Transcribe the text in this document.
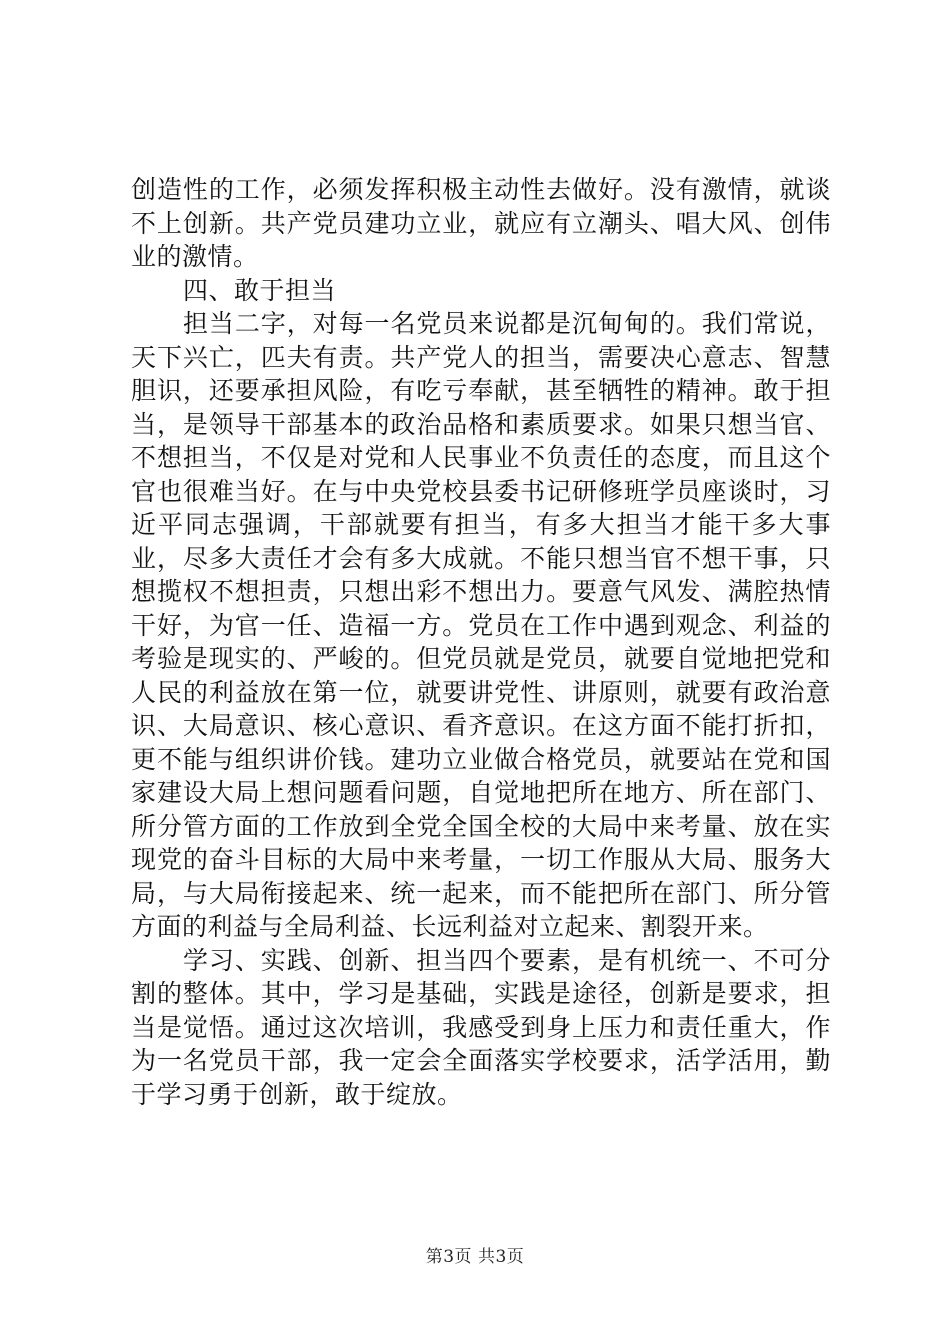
创造性的工作，必须发挥积极主动性去做好。没有激情，就谈不上创新。共产党员建功立业，就应有立潮头、唱大风、创伟业的激情。

四、敢于担当

担当二字，对每一名党员来说都是沉甸甸的。我们常说，天下兴亡，匹夫有责。共产党人的担当，需要决心意志、智慧胆识，还要承担风险，有吃亏奉献，甚至牺牲的精神。敢于担当，是领导干部基本的政治品格和素质要求。如果只想当官、不想担当，不仅是对党和人民事业不负责任的态度，而且这个官也很难当好。在与中央党校县委书记研修班学员座谈时，习近平同志强调，干部就要有担当，有多大担当才能干多大事业，尽多大责任才会有多大成就。不能只想当官不想干事，只想揽权不想担责，只想出彩不想出力。要意气风发、满腔热情干好，为官一任、造福一方。党员在工作中遇到观念、利益的考验是现实的、严峻的。但党员就是党员，就要自觉地把党和人民的利益放在第一位，就要讲党性、讲原则，就要有政治意识、大局意识、核心意识、看齐意识。在这方面不能打折扣，更不能与组织讲价钱。建功立业做合格党员，就要站在党和国家建设大局上想问题看问题，自觉地把所在地方、所在部门、所分管方面的工作放到全党全国全校的大局中来考量、放在实现党的奋斗目标的大局中来考量，一切工作服从大局、服务大局，与大局衔接起来、统一起来，而不能把所在部门、所分管方面的利益与全局利益、长远利益对立起来、割裂开来。

学习、实践、创新、担当四个要素，是有机统一、不可分割的整体。其中，学习是基础，实践是途径，创新是要求，担当是觉悟。通过这次培训，我感受到身上压力和责任重大，作为一名党员干部，我一定会全面落实学校要求，活学活用，勤于学习勇于创新，敢于绽放。

第3页 共3页
